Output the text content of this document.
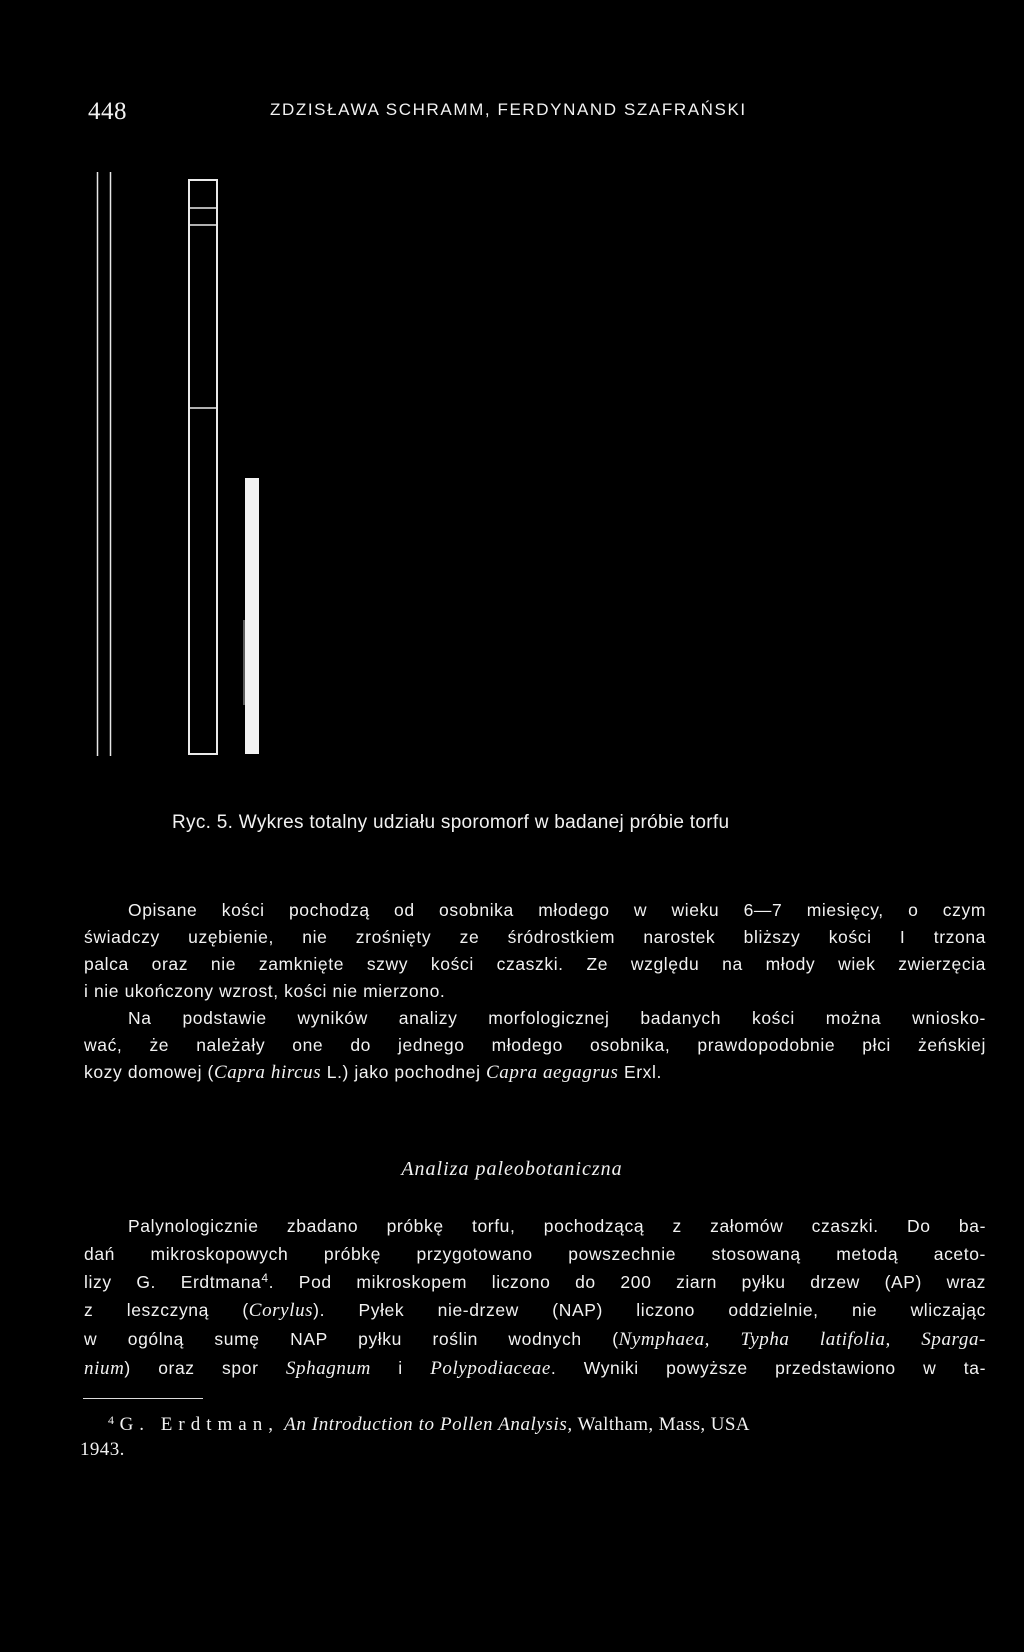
448	ZDZISŁAWA SCHRAMM, FERDYNAND SZAFRAŃSKI
Ryc. 5. Wykres totalny udziału sporomorf w badanej próbie torfu
Opisane kości pochodzą od osobnika młodego w wieku 6—7 miesięcy, o czym
świadczy uzębienie, nie zrośnięty ze śródrostkiem narostek bliższy kości I trzona
palca oraz nie zamknięte szwy kości czaszki. Ze względu na młody wiek zwierzęcia
i nie ukończony wzrost, kości nie mierzono.
Na podstawie wyników analizy morfologicznej badanych kości można wniosko-
wać, że należały one do jednego młodego osobnika, prawdopodobnie płci żeńskiej
kozy domowej (Capra hircus L.) jako pochodnej Capra aegagrus Erxl.
Analiza paleobotaniczna
Palynologicznie zbadano próbkę torfu, pochodzącą z załomów czaszki. Do ba-
dań mikroskopowych próbkę przygotowano powszechnie stosowaną metodą aceto-
lizy G. Erdtmana$^4$. Pod mikroskopem liczono do 200 ziarn pyłku drzew (AP) wraz
z leszczyną (Corylus). Pyłek nie-drzew (NAP) liczono oddzielnie, nie wliczając
w ogólną sumę NAP pyłku roślin wodnych (Nymphaea, Typha latifolia, Sparga-
nium) oraz spor Sphagnum i Polypodiaceae. Wyniki powyższe przedstawiono w ta-
$^4$ G. Erdtman, An Introduction to Pollen Analysis, Waltham, Mass, USA
1943.
